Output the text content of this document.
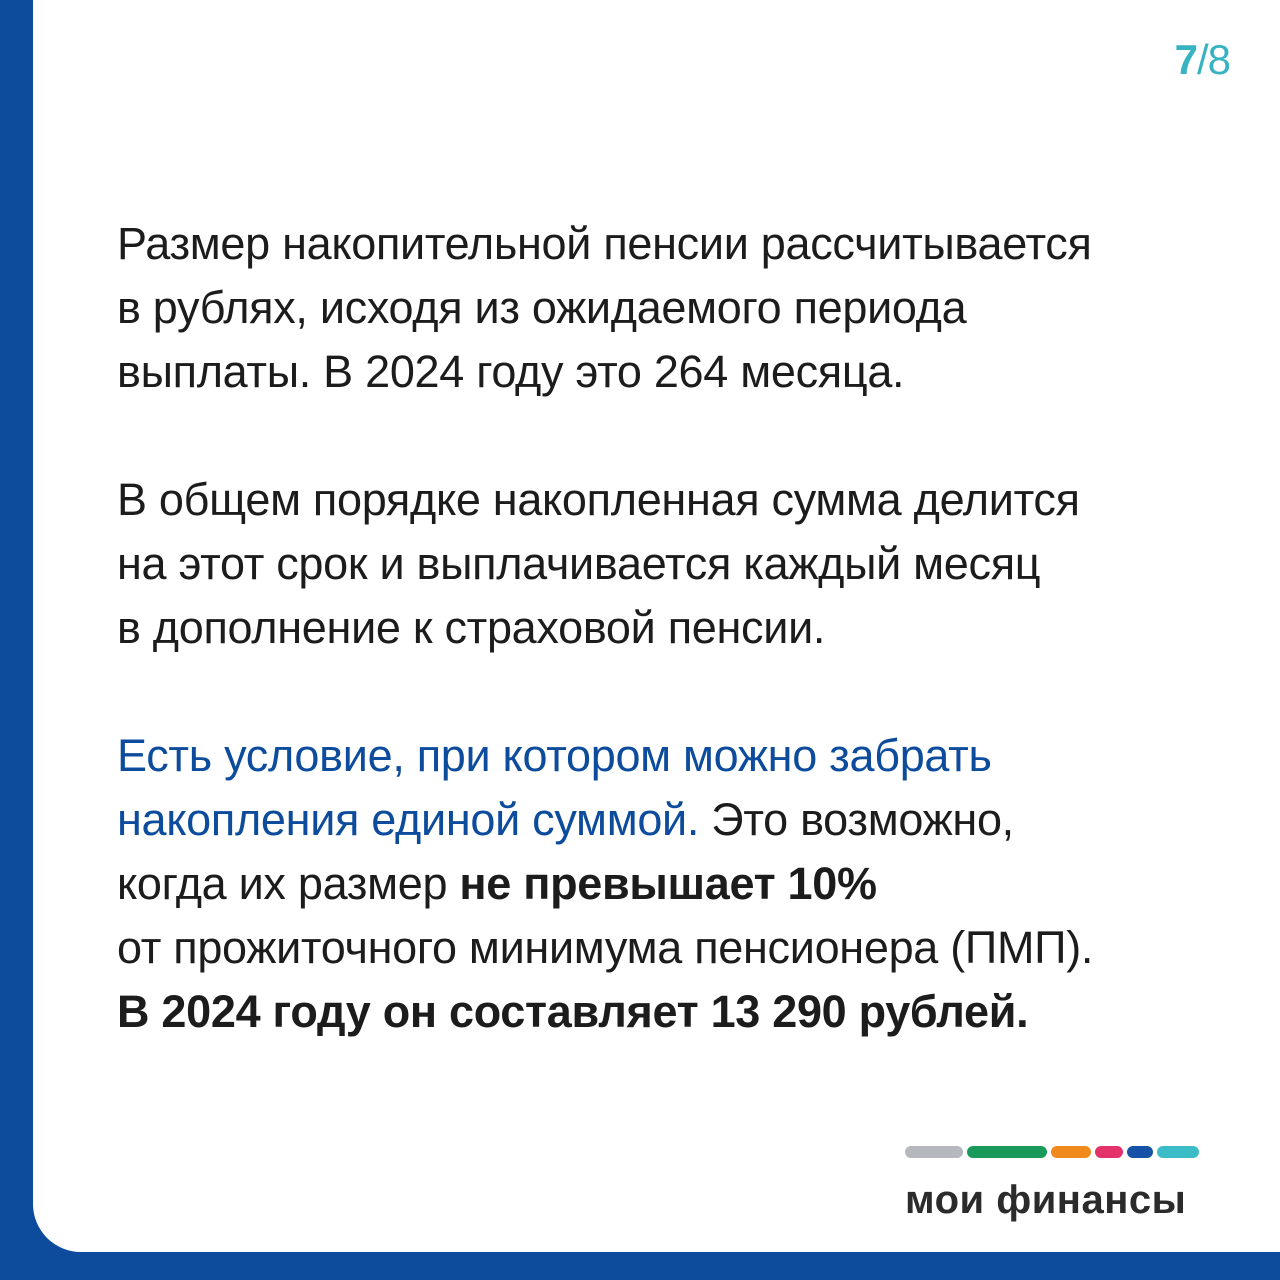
7/8

Размер накопительной пенсии рассчитывается
в рублях, исходя из ожидаемого периода
выплаты. В 2024 году это 264 месяца.

В общем порядке накопленная сумма делится
на этот срок и выплачивается каждый месяц
в дополнение к страховой пенсии.

Есть условие, при котором можно забрать
накопления единой суммой. Это возможно,
когда их размер не превышает 10%
от прожиточного минимума пенсионера (ПМП).
В 2024 году он составляет 13 290 рублей.

мои финансы
